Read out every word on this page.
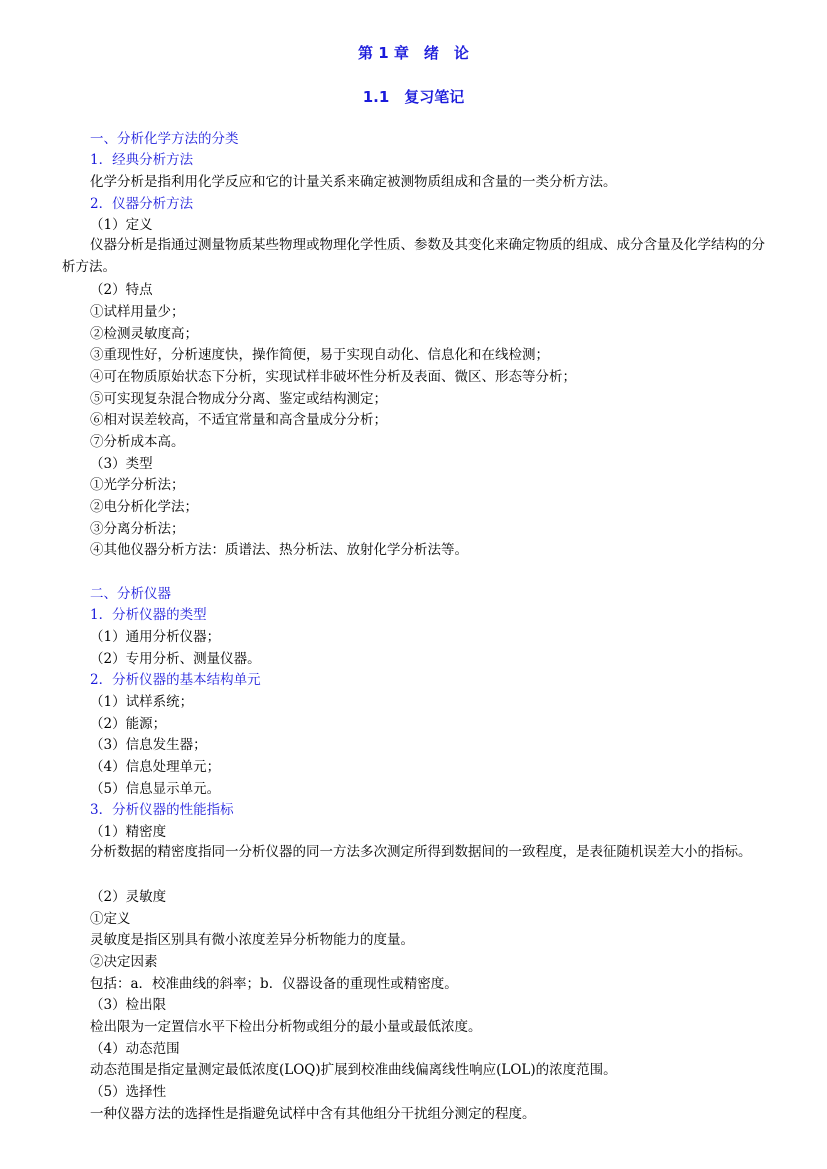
第 1 章　绪　论
1.1　复习笔记
一、分析化学方法的分类
1．经典分析方法
化学分析是指利用化学反应和它的计量关系来确定被测物质组成和含量的一类分析方法。
2．仪器分析方法
（1）定义
仪器分析是指通过测量物质某些物理或物理化学性质、参数及其变化来确定物质的组成、成分含量及化学结构的分析方法。
（2）特点
①试样用量少；
②检测灵敏度高；
③重现性好，分析速度快，操作简便，易于实现自动化、信息化和在线检测；
④可在物质原始状态下分析，实现试样非破坏性分析及表面、微区、形态等分析；
⑤可实现复杂混合物成分分离、鉴定或结构测定；
⑥相对误差较高，不适宜常量和高含量成分分析；
⑦分析成本高。
（3）类型
①光学分析法；
②电分析化学法；
③分离分析法；
④其他仪器分析方法：质谱法、热分析法、放射化学分析法等。
二、分析仪器
1．分析仪器的类型
（1）通用分析仪器；
（2）专用分析、测量仪器。
2．分析仪器的基本结构单元
（1）试样系统；
（2）能源；
（3）信息发生器；
（4）信息处理单元；
（5）信息显示单元。
3．分析仪器的性能指标
（1）精密度
分析数据的精密度指同一分析仪器的同一方法多次测定所得到数据间的一致程度，是表征随机误差大小的指标。
（2）灵敏度
①定义
灵敏度是指区别具有微小浓度差异分析物能力的度量。
②决定因素
包括：a．校准曲线的斜率；b．仪器设备的重现性或精密度。
（3）检出限
检出限为一定置信水平下检出分析物或组分的最小量或最低浓度。
（4）动态范围
动态范围是指定量测定最低浓度(LOQ)扩展到校准曲线偏离线性响应(LOL)的浓度范围。
（5）选择性
一种仪器方法的选择性是指避免试样中含有其他组分干扰组分测定的程度。
